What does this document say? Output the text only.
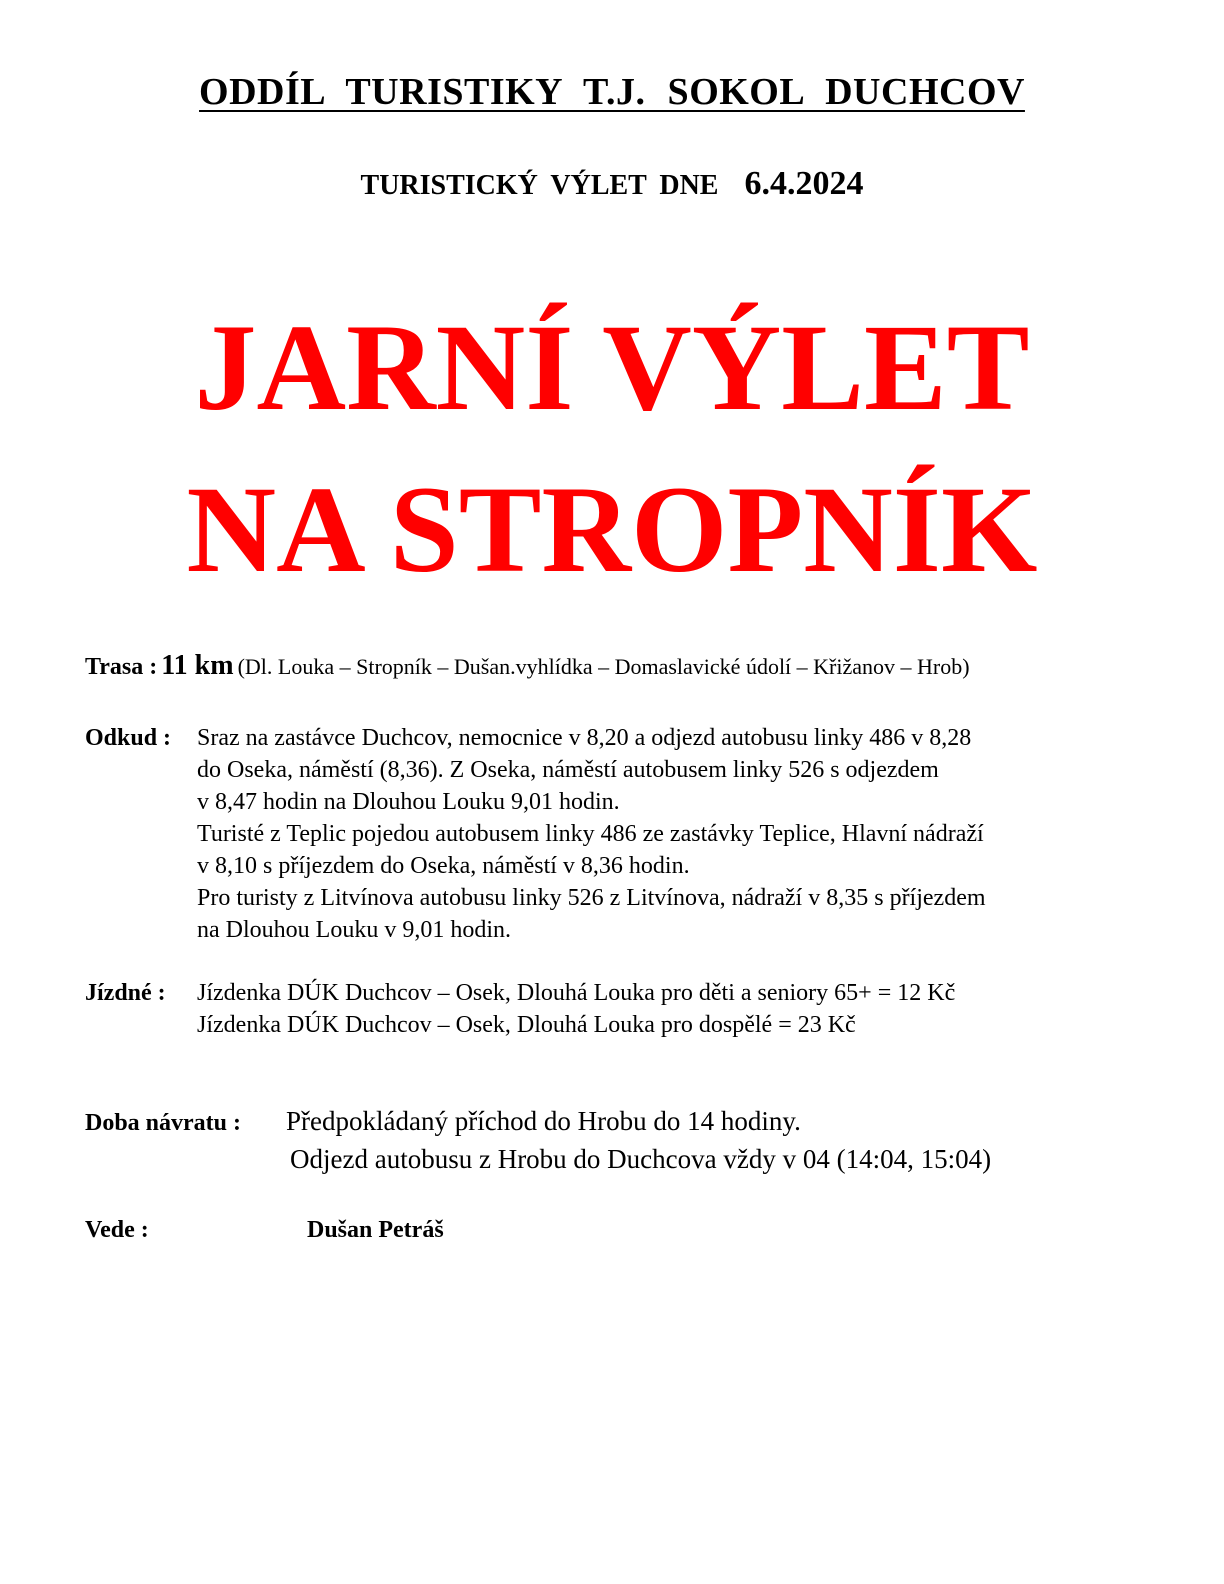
ODDÍL TURISTIKY T.J. SOKOL DUCHCOV
TURISTICKÝ VÝLET DNE 6.4.2024
JARNÍ VÝLET
NA STROPNÍK
Trasa : 11 km (Dl. Louka – Stropník – Dušan.vyhlídka – Domaslavické údolí – Křižanov – Hrob)
Odkud : Sraz na zastávce Duchcov, nemocnice v 8,20 a odjezd autobusu linky 486 v 8,28
do Oseka, náměstí (8,36). Z Oseka, náměstí autobusem linky 526 s odjezdem
v 8,47 hodin na Dlouhou Louku 9,01 hodin.
Turisté z Teplic pojedou autobusem linky 486 ze zastávky Teplice, Hlavní nádraží
v 8,10 s příjezdem do Oseka, náměstí v 8,36 hodin.
Pro turisty z Litvínova autobusu linky 526 z Litvínova, nádraží v 8,35 s příjezdem
na Dlouhou Louku v 9,01 hodin.
Jízdné : Jízdenka DÚK Duchcov – Osek, Dlouhá Louka pro děti a seniory 65+ = 12 Kč
Jízdenka DÚK Duchcov – Osek, Dlouhá Louka pro dospělé = 23 Kč
Doba návratu : Předpokládaný příchod do Hrobu do 14 hodiny.
Odjezd autobusu z Hrobu do Duchcova vždy v 04 (14:04, 15:04)
Vede :	Dušan Petráš
